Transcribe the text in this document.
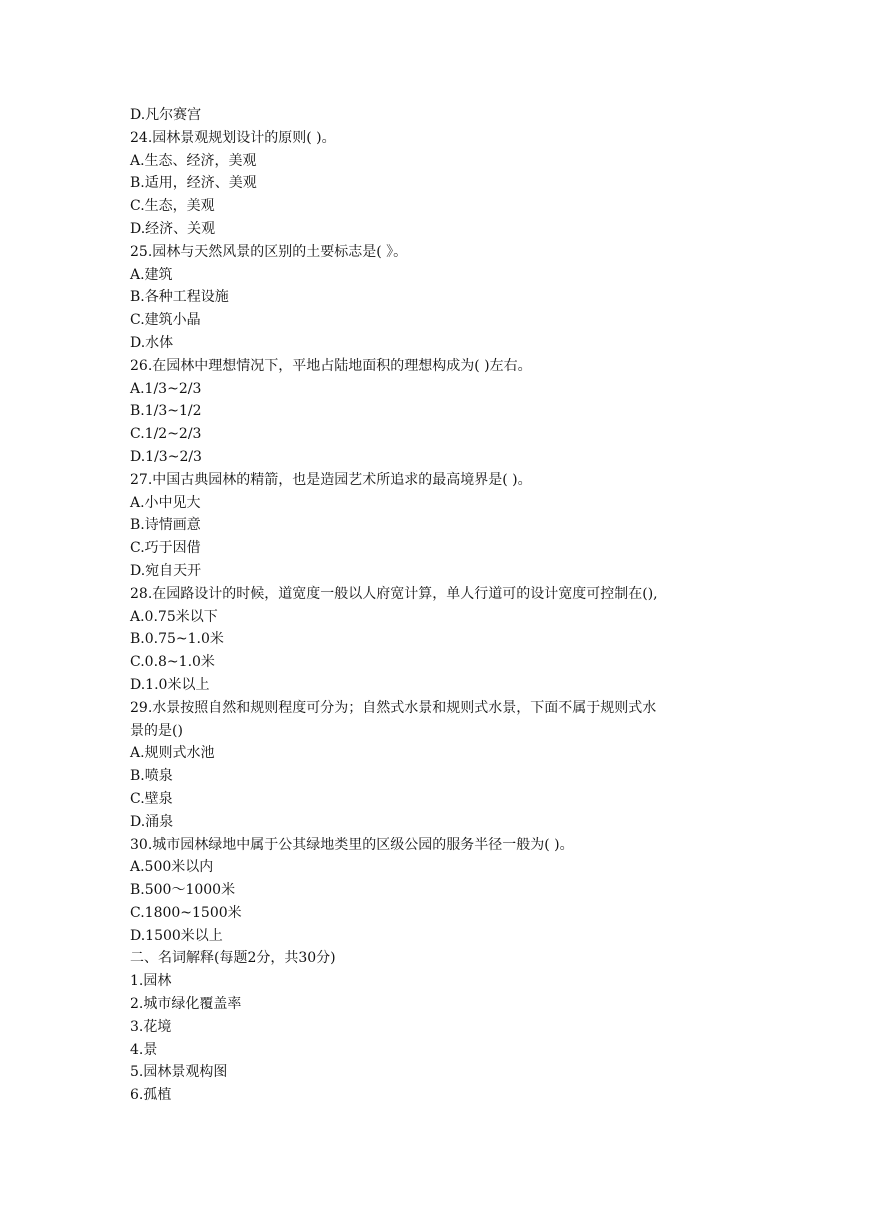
D.凡尔赛宫
24.园林景观规划设计的原则( )。
A.生态、经济，美观
B.适用，经济、美观
C.生态，美观
D.经济、关观
25.园林与天然风景的区别的土要标志是( 》。
A.建筑
B.各种工程设施
C.建筑小晶
D.水体
26.在园林中理想情况下，平地占陆地面积的理想构成为( )左右。
A.1/3~2/3
B.1/3~1/2
C.1/2~2/3
D.1/3~2/3
27.中国古典园林的精箭，也是造园艺术所追求的最高境界是( )。
A.小中见大
B.诗情画意
C.巧于因借
D.宛自天开
28.在园路设计的时候，道宽度一般以人府宽计算，单人行道可的设计宽度可控制在(),
A.0.75米以下
B.0.75~1.0米
C.0.8~1.0米
D.1.0米以上
29.水景按照自然和规则程度可分为；自然式水景和规则式水景，下面不属于规则式水
景的是()
A.规则式水池
B.喷泉
C.壁泉
D.涌泉
30.城市园林绿地中属于公其绿地类里的区级公园的服务半径一般为( )。
A.500米以内
B.500～1000米
C.1800~1500米
D.1500米以上
二、名词解释(每题2分，共30分)
1.园林
2.城市绿化覆盖率
3.花境
4.景
5.园林景观构图
6.孤植
